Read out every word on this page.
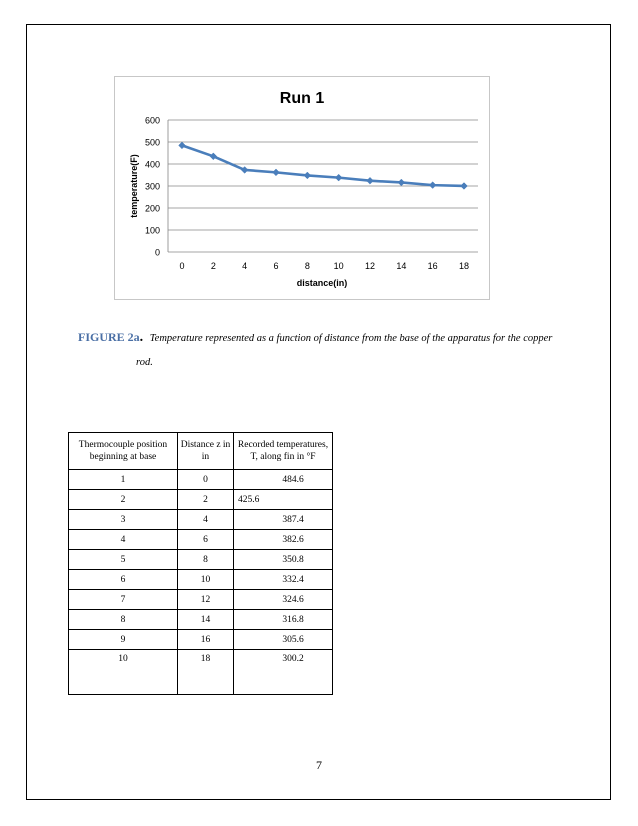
0
100
200
300
400
500
600
0	2	4	6	8	10 12 14 16 18
Run 1
distance(in)
temperature(F)
FIGURE 2a. Temperature represented as a function of distance from the base of the apparatus for the copper
rod.
Thermocouple position beginning at base	Distance z in in	Recorded temperatures, T, along fin in °F
1	0	484.6

2	2	425.6

3	4	387.4

4	6	382.6

5	8	350.8

6	10	332.4

7	12	324.6

8	14	316.8

9	16	305.6

10	18	300.2
7
